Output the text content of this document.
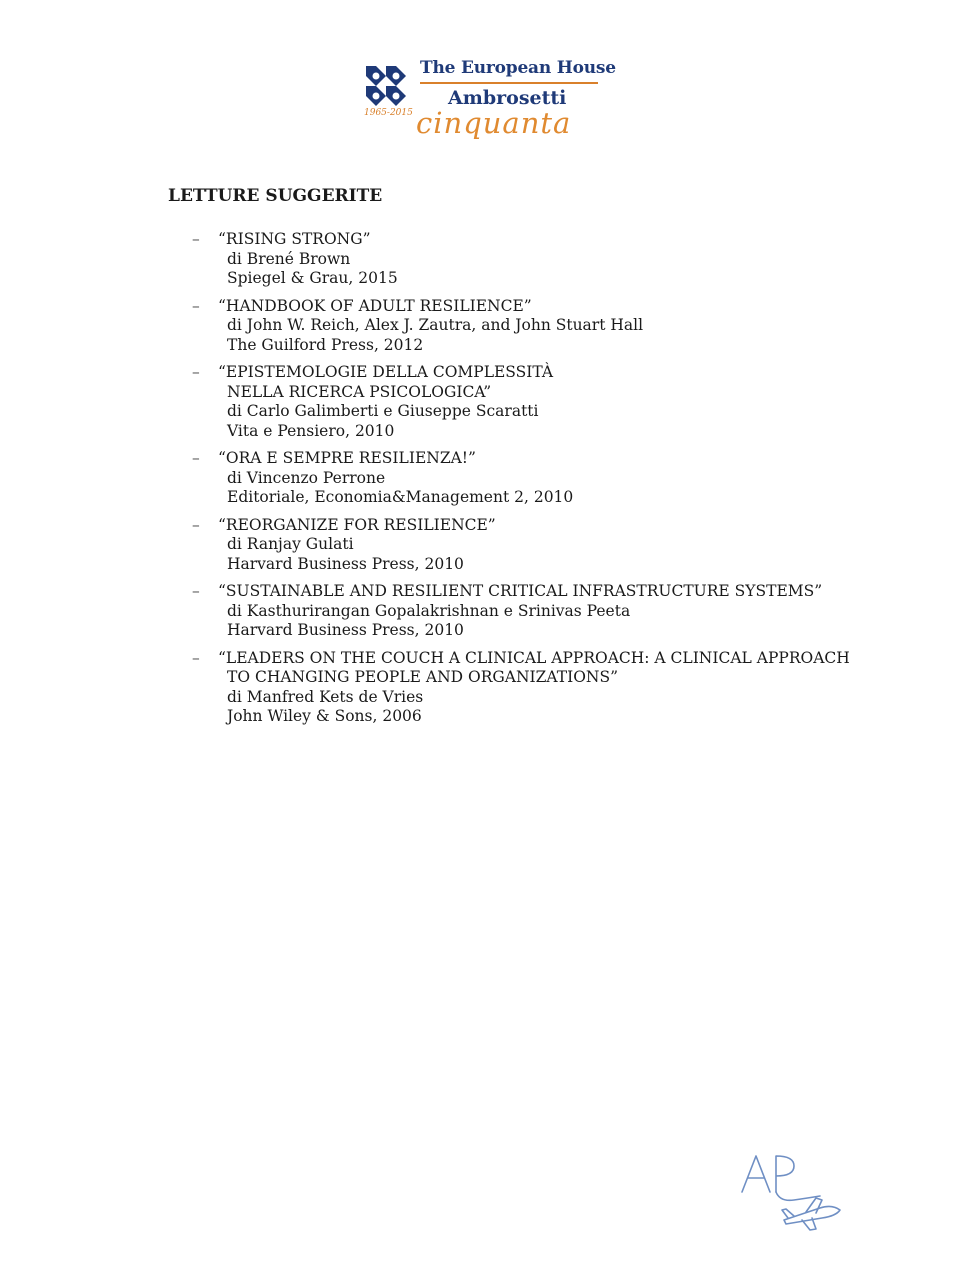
1965-2015
The European House
Ambrosetti
cinquanta
LETTURE SUGGERITE
– “RISING STRONG”
di Brené Brown
Spiegel & Grau, 2015
– “HANDBOOK OF ADULT RESILIENCE”
di John W. Reich, Alex J. Zautra, and John Stuart Hall
The Guilford Press, 2012
– “EPISTEMOLOGIE DELLA COMPLESSITÀ
NELLA RICERCA PSICOLOGICA”
di Carlo Galimberti e Giuseppe Scaratti
Vita e Pensiero, 2010
– “ORA E SEMPRE RESILIENZA!”
di Vincenzo Perrone
Editoriale, Economia&Management 2, 2010
– “REORGANIZE FOR RESILIENCE”
di Ranjay Gulati
Harvard Business Press, 2010
– “SUSTAINABLE AND RESILIENT CRITICAL INFRASTRUCTURE SYSTEMS”
di Kasthurirangan Gopalakrishnan e Srinivas Peeta
Harvard Business Press, 2010
– “LEADERS ON THE COUCH A CLINICAL APPROACH: A CLINICAL APPROACH
TO CHANGING PEOPLE AND ORGANIZATIONS”
di Manfred Kets de Vries
John Wiley & Sons, 2006
